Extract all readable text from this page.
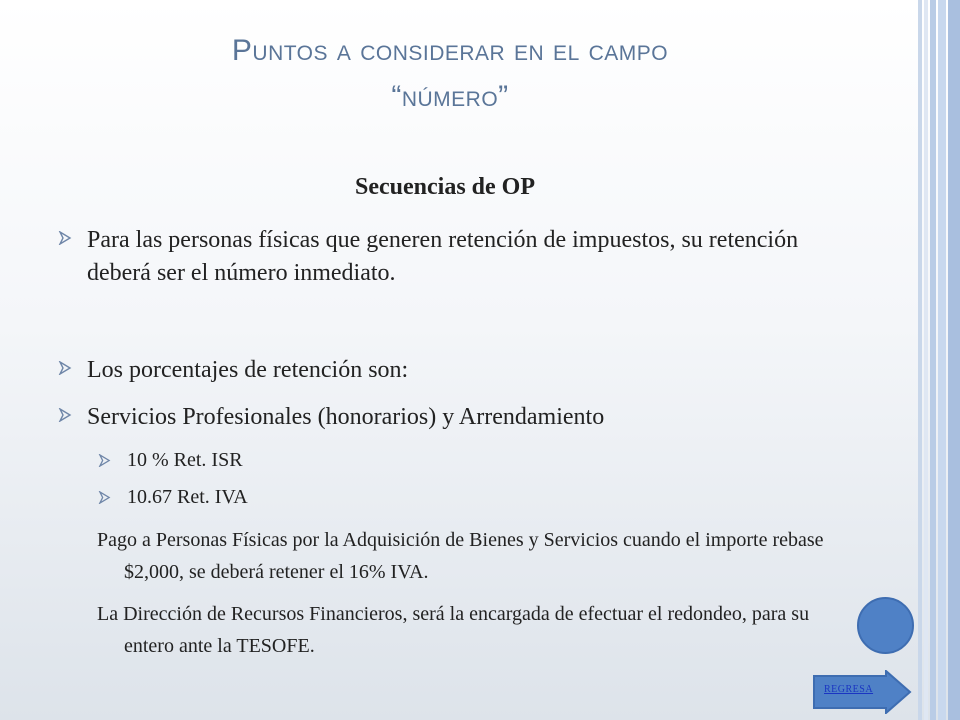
Puntos a considerar en el campo
“número”
Secuencias de OP
Para las personas físicas que generen retención de impuestos, su retención deberá ser el número inmediato.
Los porcentajes de retención son:
Servicios Profesionales (honorarios) y Arrendamiento
10 % Ret. ISR
10.67 Ret. IVA
Pago a Personas Físicas por la Adquisición de Bienes y Servicios cuando el importe rebase $2,000, se deberá retener el 16% IVA.
La Dirección de Recursos Financieros, será la encargada de efectuar el redondeo, para su entero ante la TESOFE.
REGRESA
